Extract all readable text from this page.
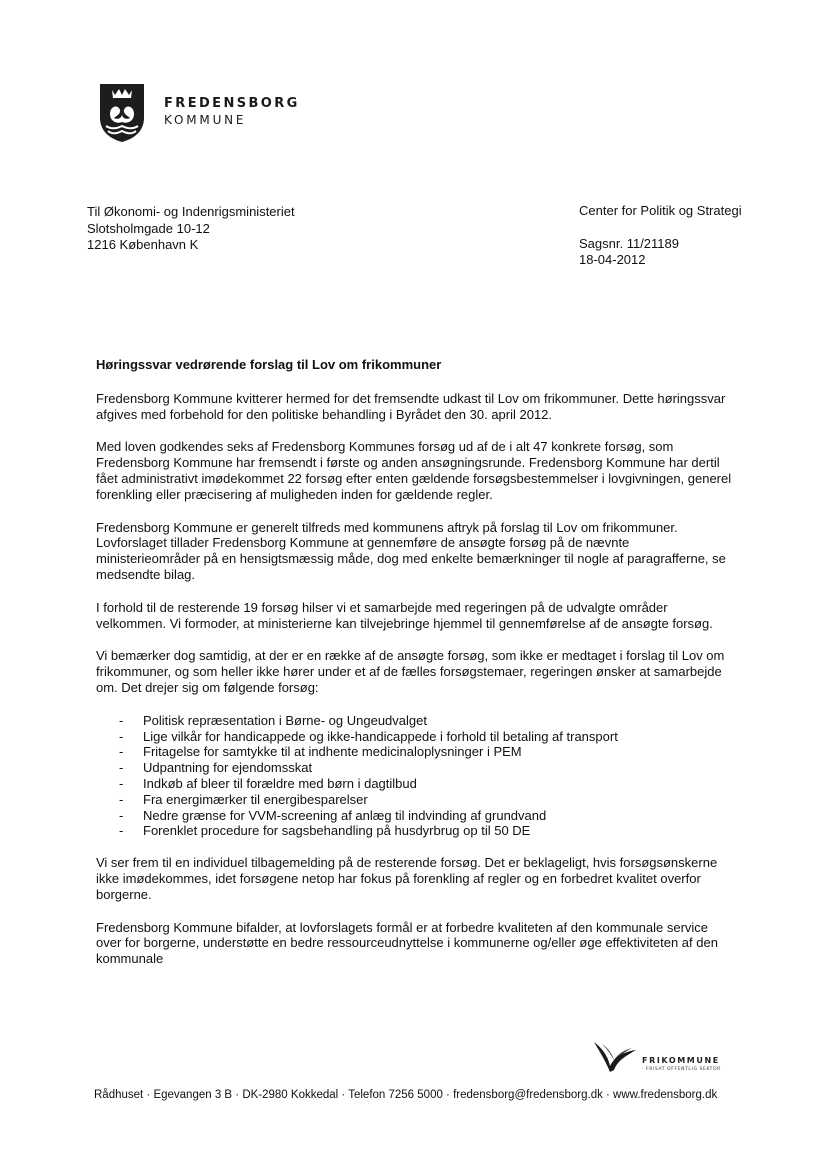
FREDENSBORG
KOMMUNE
Til Økonomi- og Indenrigsministeriet
Slotsholmgade 10-12
1216 København K
Center for Politik og Strategi
Sagsnr. 11/21189
18-04-2012
Høringssvar vedrørende forslag til Lov om frikommuner

Fredensborg Kommune kvitterer hermed for det fremsendte udkast til Lov om frikommuner. Dette høringssvar afgives med forbehold for den politiske behandling i Byrådet den 30. april 2012.

Med loven godkendes seks af Fredensborg Kommunes forsøg ud af de i alt 47 konkrete forsøg, som Fredensborg Kommune har fremsendt i første og anden ansøgningsrunde. Fredensborg Kommune har dertil fået administrativt imødekommet 22 forsøg efter enten gældende forsøgsbestemmelser i lovgivningen, generel forenkling eller præcisering af muligheden inden for gældende regler.

Fredensborg Kommune er generelt tilfreds med kommunens aftryk på forslag til Lov om frikommuner. Lovforslaget tillader Fredensborg Kommune at gennemføre de ansøgte forsøg på de nævnte ministerieområder på en hensigtsmæssig måde, dog med enkelte bemærkninger til nogle af paragrafferne, se medsendte bilag.

I forhold til de resterende 19 forsøg hilser vi et samarbejde med regeringen på de udvalgte områder velkommen. Vi formoder, at ministerierne kan tilvejebringe hjemmel til gennemførelse af de ansøgte forsøg.

Vi bemærker dog samtidig, at der er en række af de ansøgte forsøg, som ikke er medtaget i forslag til Lov om frikommuner, og som heller ikke hører under et af de fælles forsøgstemaer, regeringen ønsker at samarbejde om. Det drejer sig om følgende forsøg:

- Politisk repræsentation i Børne- og Ungeudvalget
- Lige vilkår for handicappede og ikke-handicappede i forhold til betaling af transport
- Fritagelse for samtykke til at indhente medicinaloplysninger i PEM
- Udpantning for ejendomsskat
- Indkøb af bleer til forældre med børn i dagtilbud
- Fra energimærker til energibesparelser
- Nedre grænse for VVM-screening af anlæg til indvinding af grundvand
- Forenklet procedure for sagsbehandling på husdyrbrug op til 50 DE

Vi ser frem til en individuel tilbagemelding på de resterende forsøg. Det er beklageligt, hvis forsøgsønskerne ikke imødekommes, idet forsøgene netop har fokus på forenkling af regler og en forbedret kvalitet overfor borgerne.

Fredensborg Kommune bifalder, at lovforslagets formål er at forbedre kvaliteten af den kommunale service over for borgerne, understøtte en bedre ressourceudnyttelse i kommunerne og/eller øge effektiviteten af den kommunale

FRIKOMMUNE
· FRISAT OFFENTLIG SEKTOR
Rådhuset · Egevangen 3 B · DK-2980 Kokkedal · Telefon 7256 5000 · fredensborg@fredensborg.dk · www.fredensborg.dk
